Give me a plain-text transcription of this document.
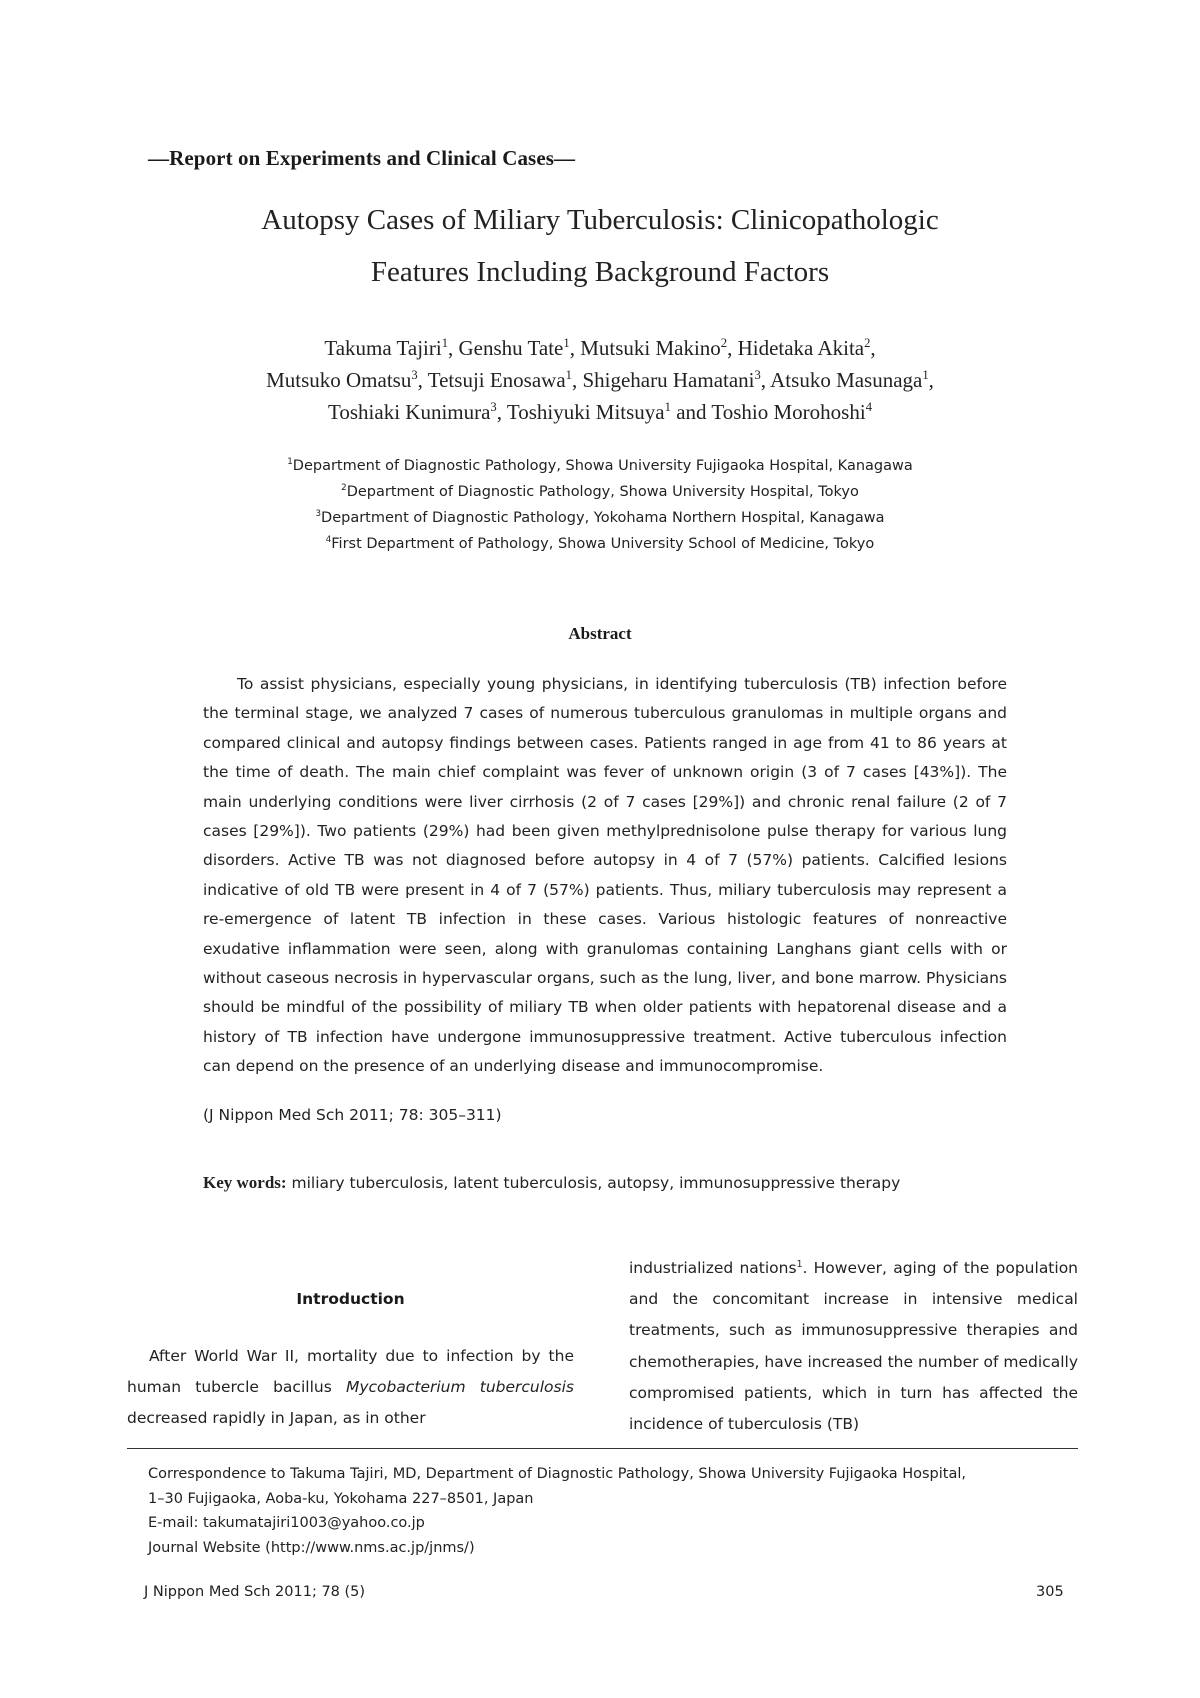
—Report on Experiments and Clinical Cases—
Autopsy Cases of Miliary Tuberculosis: Clinicopathologic
Features Including Background Factors
Takuma Tajiri$^1$, Genshu Tate$^1$, Mutsuki Makino$^2$, Hidetaka Akita$^2$,
Mutsuko Omatsu$^3$, Tetsuji Enosawa$^1$, Shigeharu Hamatani$^3$, Atsuko Masunaga$^1$,
Toshiaki Kunimura$^3$, Toshiyuki Mitsuya$^1$ and Toshio Morohoshi$^4$
$^1$Department of Diagnostic Pathology, Showa University Fujigaoka Hospital, Kanagawa
$^2$Department of Diagnostic Pathology, Showa University Hospital, Tokyo
$^3$Department of Diagnostic Pathology, Yokohama Northern Hospital, Kanagawa
$^4$First Department of Pathology, Showa University School of Medicine, Tokyo
Abstract

To assist physicians, especially young physicians, in identifying tuberculosis (TB) infection before the terminal stage, we analyzed 7 cases of numerous tuberculous granulomas in multiple organs and compared clinical and autopsy findings between cases. Patients ranged in age from 41 to 86 years at the time of death. The main chief complaint was fever of unknown origin (3 of 7 cases [43%]). The main underlying conditions were liver cirrhosis (2 of 7 cases [29%]) and chronic renal failure (2 of 7 cases [29%]). Two patients (29%) had been given methylprednisolone pulse therapy for various lung disorders. Active TB was not diagnosed before autopsy in 4 of 7 (57%) patients. Calcified lesions indicative of old TB were present in 4 of 7 (57%) patients. Thus, miliary tuberculosis may represent a re-emergence of latent TB infection in these cases. Various histologic features of nonreactive exudative inflammation were seen, along with granulomas containing Langhans giant cells with or without caseous necrosis in hypervascular organs, such as the lung, liver, and bone marrow. Physicians should be mindful of the possibility of miliary TB when older patients with hepatorenal disease and a history of TB infection have undergone immunosuppressive treatment. Active tuberculous infection can depend on the presence of an underlying disease and immunocompromise.

(J Nippon Med Sch 2011; 78: 305–311)
Key words: miliary tuberculosis, latent tuberculosis, autopsy, immunosuppressive therapy
Introduction

After World War II, mortality due to infection by the human tubercle bacillus Mycobacterium tuberculosis decreased rapidly in Japan, as in other

industrialized nations$^1$. However, aging of the population and the concomitant increase in intensive medical treatments, such as immunosuppressive therapies and chemotherapies, have increased the number of medically compromised patients, which in turn has affected the incidence of tuberculosis (TB)

Correspondence to Takuma Tajiri, MD, Department of Diagnostic Pathology, Showa University Fujigaoka Hospital,
1–30 Fujigaoka, Aoba-ku, Yokohama 227–8501, Japan
E-mail: takumatajiri1003@yahoo.co.jp
Journal Website (http://www.nms.ac.jp/jnms/)
J Nippon Med Sch 2011; 78 (5)	305
